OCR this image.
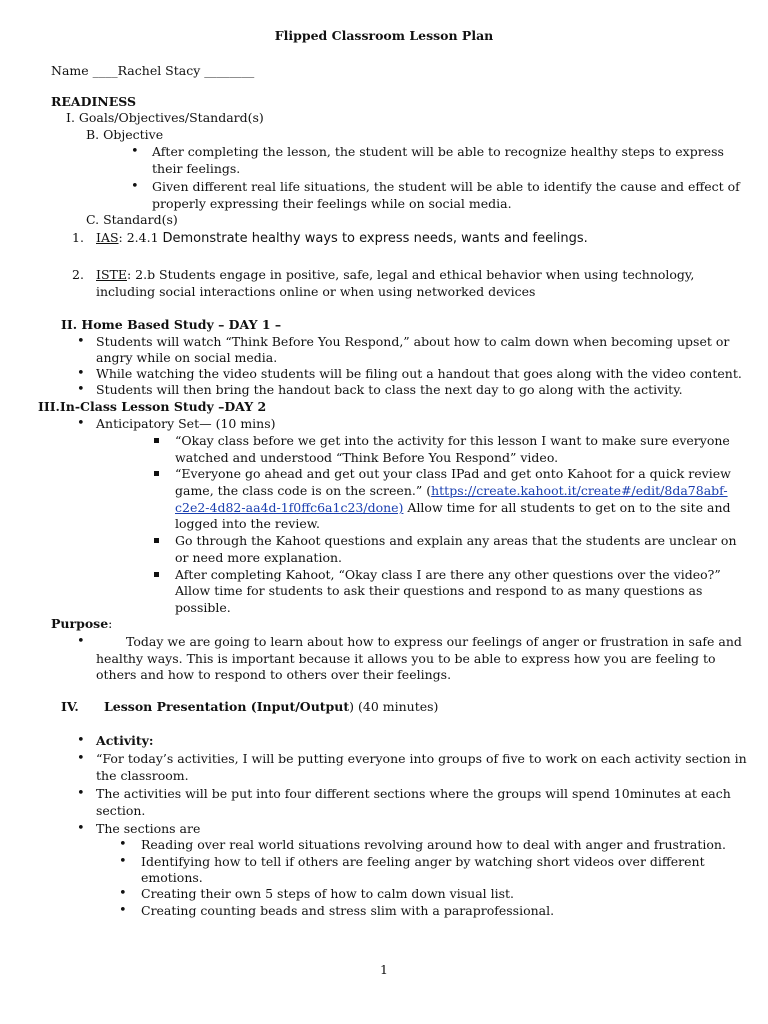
Flipped Classroom Lesson Plan
Name ____Rachel Stacy ________
READINESS
I. Goals/Objectives/Standard(s)
B. Objective
• After completing the lesson, the student will be able to recognize healthy steps to express
their feelings.
• Given different real life situations, the student will be able to identify the cause and effect of
properly expressing their feelings while on social media.
C. Standard(s)
1. IAS: 2.4.1 Demonstrate healthy ways to express needs, wants and feelings.
2. ISTE: 2.b Students engage in positive, safe, legal and ethical behavior when using technology,
including social interactions online or when using networked devices
II. Home Based Study – DAY 1 –
• Students will watch “Think Before You Respond,” about how to calm down when becoming upset or
angry while on social media.
• While watching the video students will be filing out a handout that goes along with the video content.
• Students will then bring the handout back to class the next day to go along with the activity.
III.In-Class Lesson Study –DAY 2
• Anticipatory Set— (10 mins)
“Okay class before we get into the activity for this lesson I want to make sure everyone
watched and understood “Think Before You Respond” video.
“Everyone go ahead and get out your class IPad and get onto Kahoot for a quick review
game, the class code is on the screen.” (https://create.kahoot.it/create#/edit/8da78abf-
c2e2-4d82-aa4d-1f0ffc6a1c23/done) Allow time for all students to get on to the site and
logged into the review.
Go through the Kahoot questions and explain any areas that the students are unclear on
or need more explanation.
After completing Kahoot, “Okay class I are there any other questions over the video?”
Allow time for students to ask their questions and respond to as many questions as
possible.
Purpose:
•	Today we are going to learn about how to express our feelings of anger or frustration in safe and
healthy ways. This is important because it allows you to be able to express how you are feeling to
others and how to respond to others over their feelings.
IV. Lesson Presentation (Input/Output) (40 minutes)
• Activity:
• “For today’s activities, I will be putting everyone into groups of five to work on each activity section in
the classroom.
• The activities will be put into four different sections where the groups will spend 10minutes at each
section.
• The sections are
• Reading over real world situations revolving around how to deal with anger and frustration.
• Identifying how to tell if others are feeling anger by watching short videos over different
emotions.
• Creating their own 5 steps of how to calm down visual list.
• Creating counting beads and stress slim with a paraprofessional.
1
